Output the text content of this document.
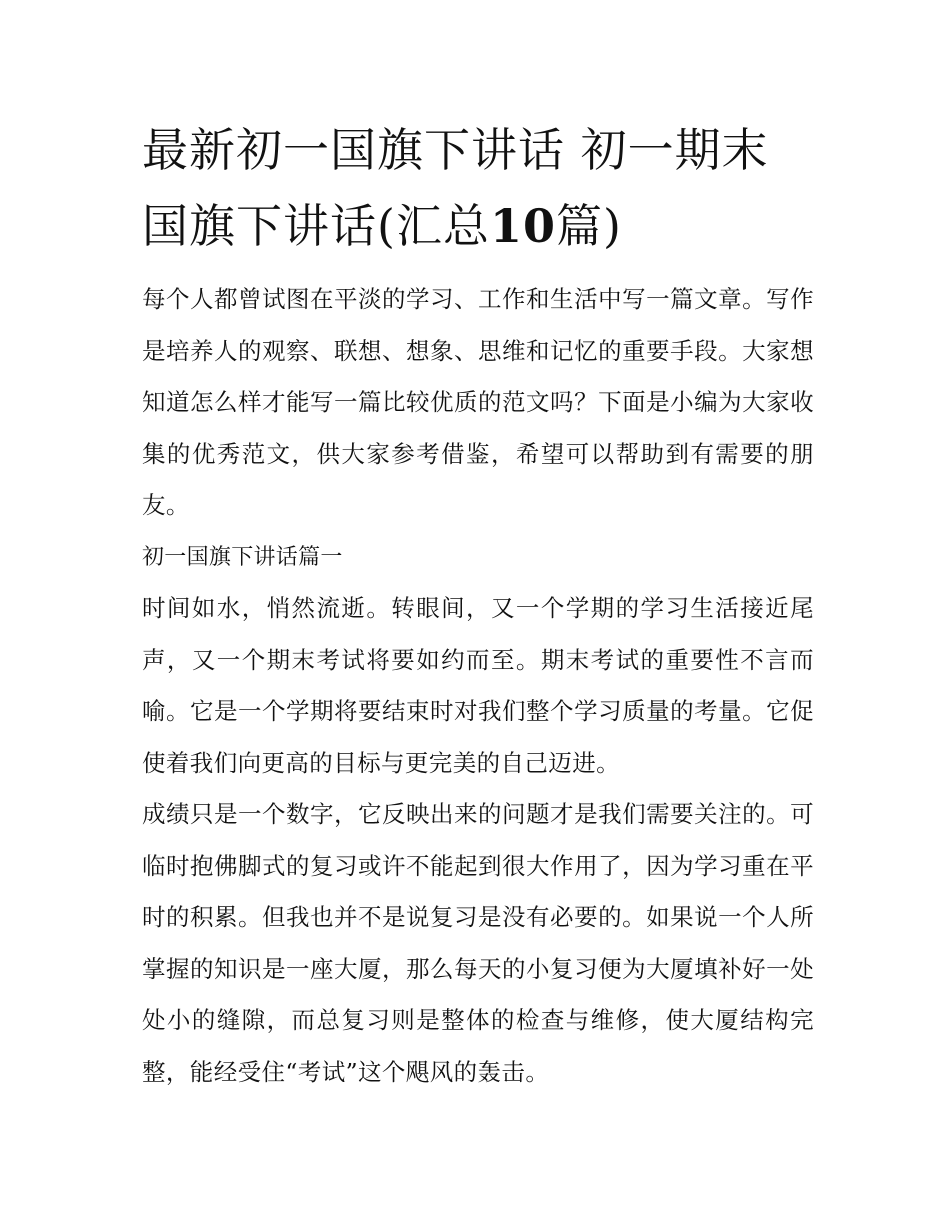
最新初一国旗下讲话 初一期末国旗下讲话(汇总10篇)

每个人都曾试图在平淡的学习、工作和生活中写一篇文章。写作是培养人的观察、联想、想象、思维和记忆的重要手段。大家想知道怎么样才能写一篇比较优质的范文吗？下面是小编为大家收集的优秀范文，供大家参考借鉴，希望可以帮助到有需要的朋友。

初一国旗下讲话篇一

时间如水，悄然流逝。转眼间，又一个学期的学习生活接近尾声，又一个期末考试将要如约而至。期末考试的重要性不言而喻。它是一个学期将要结束时对我们整个学习质量的考量。它促使着我们向更高的目标与更完美的自己迈进。

成绩只是一个数字，它反映出来的问题才是我们需要关注的。可临时抱佛脚式的复习或许不能起到很大作用了，因为学习重在平时的积累。但我也并不是说复习是没有必要的。如果说一个人所掌握的知识是一座大厦，那么每天的小复习便为大厦填补好一处处小的缝隙，而总复习则是整体的检查与维修，使大厦结构完整，能经受住“考试”这个飓风的轰击。
